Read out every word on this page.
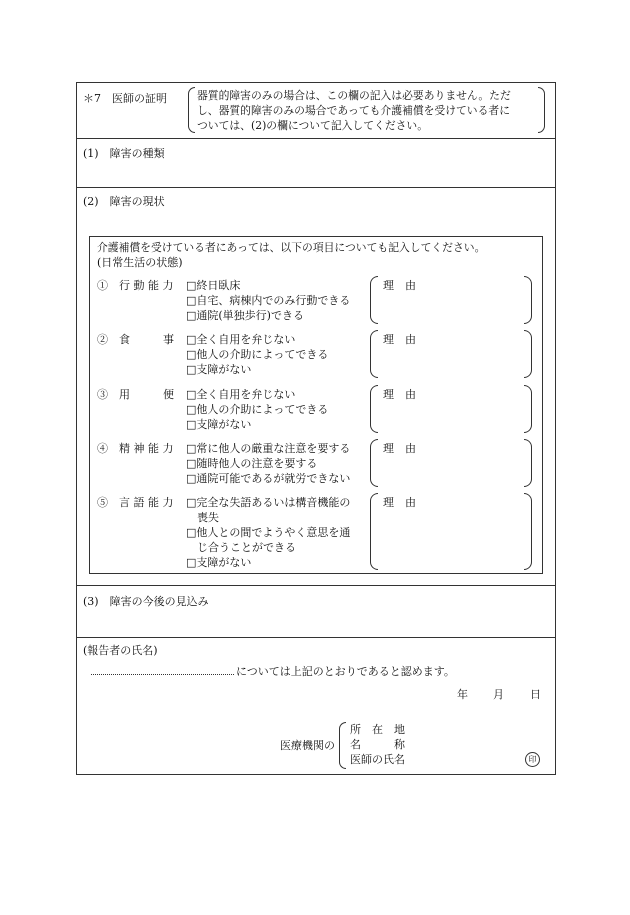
＊7　医師の証明	器質的障害のみの場合は、この欄の記入は必要ありません。ただ
し、器質的障害のみの場合であっても介護補償を受けている者に
ついては、(2)の欄について記入してください。
(1)　障害の種類
(2)　障害の現状
介護補償を受けている者にあっては、以下の項目についても記入してください。
(日常生活の状態)
①　行 動 能 力 □終日臥床
□自宅、病棟内でのみ行動できる
□通院(単独歩行)できる
理　由
②　食　　　事 □全く自用を弁じない
□他人の介助によってできる
□支障がない
理　由
③　用　　　便 □全く自用を弁じない
□他人の介助によってできる
□支障がない
理　由
④　精 神 能 力 □常に他人の厳重な注意を要する
□随時他人の注意を要する
□通院可能であるが就労できない
理　由
⑤　言 語 能 力 □完全な失語あるいは構音機能の
　喪失
□他人との間でようやく意思を通
　じ合うことができる
□支障がない
理　由
(3)　障害の今後の見込み
(報告者の氏名)
については上記のとおりであると認めます。
年 月 日
医療機関の
所　在　地
名　　　称
医師の氏名	印
